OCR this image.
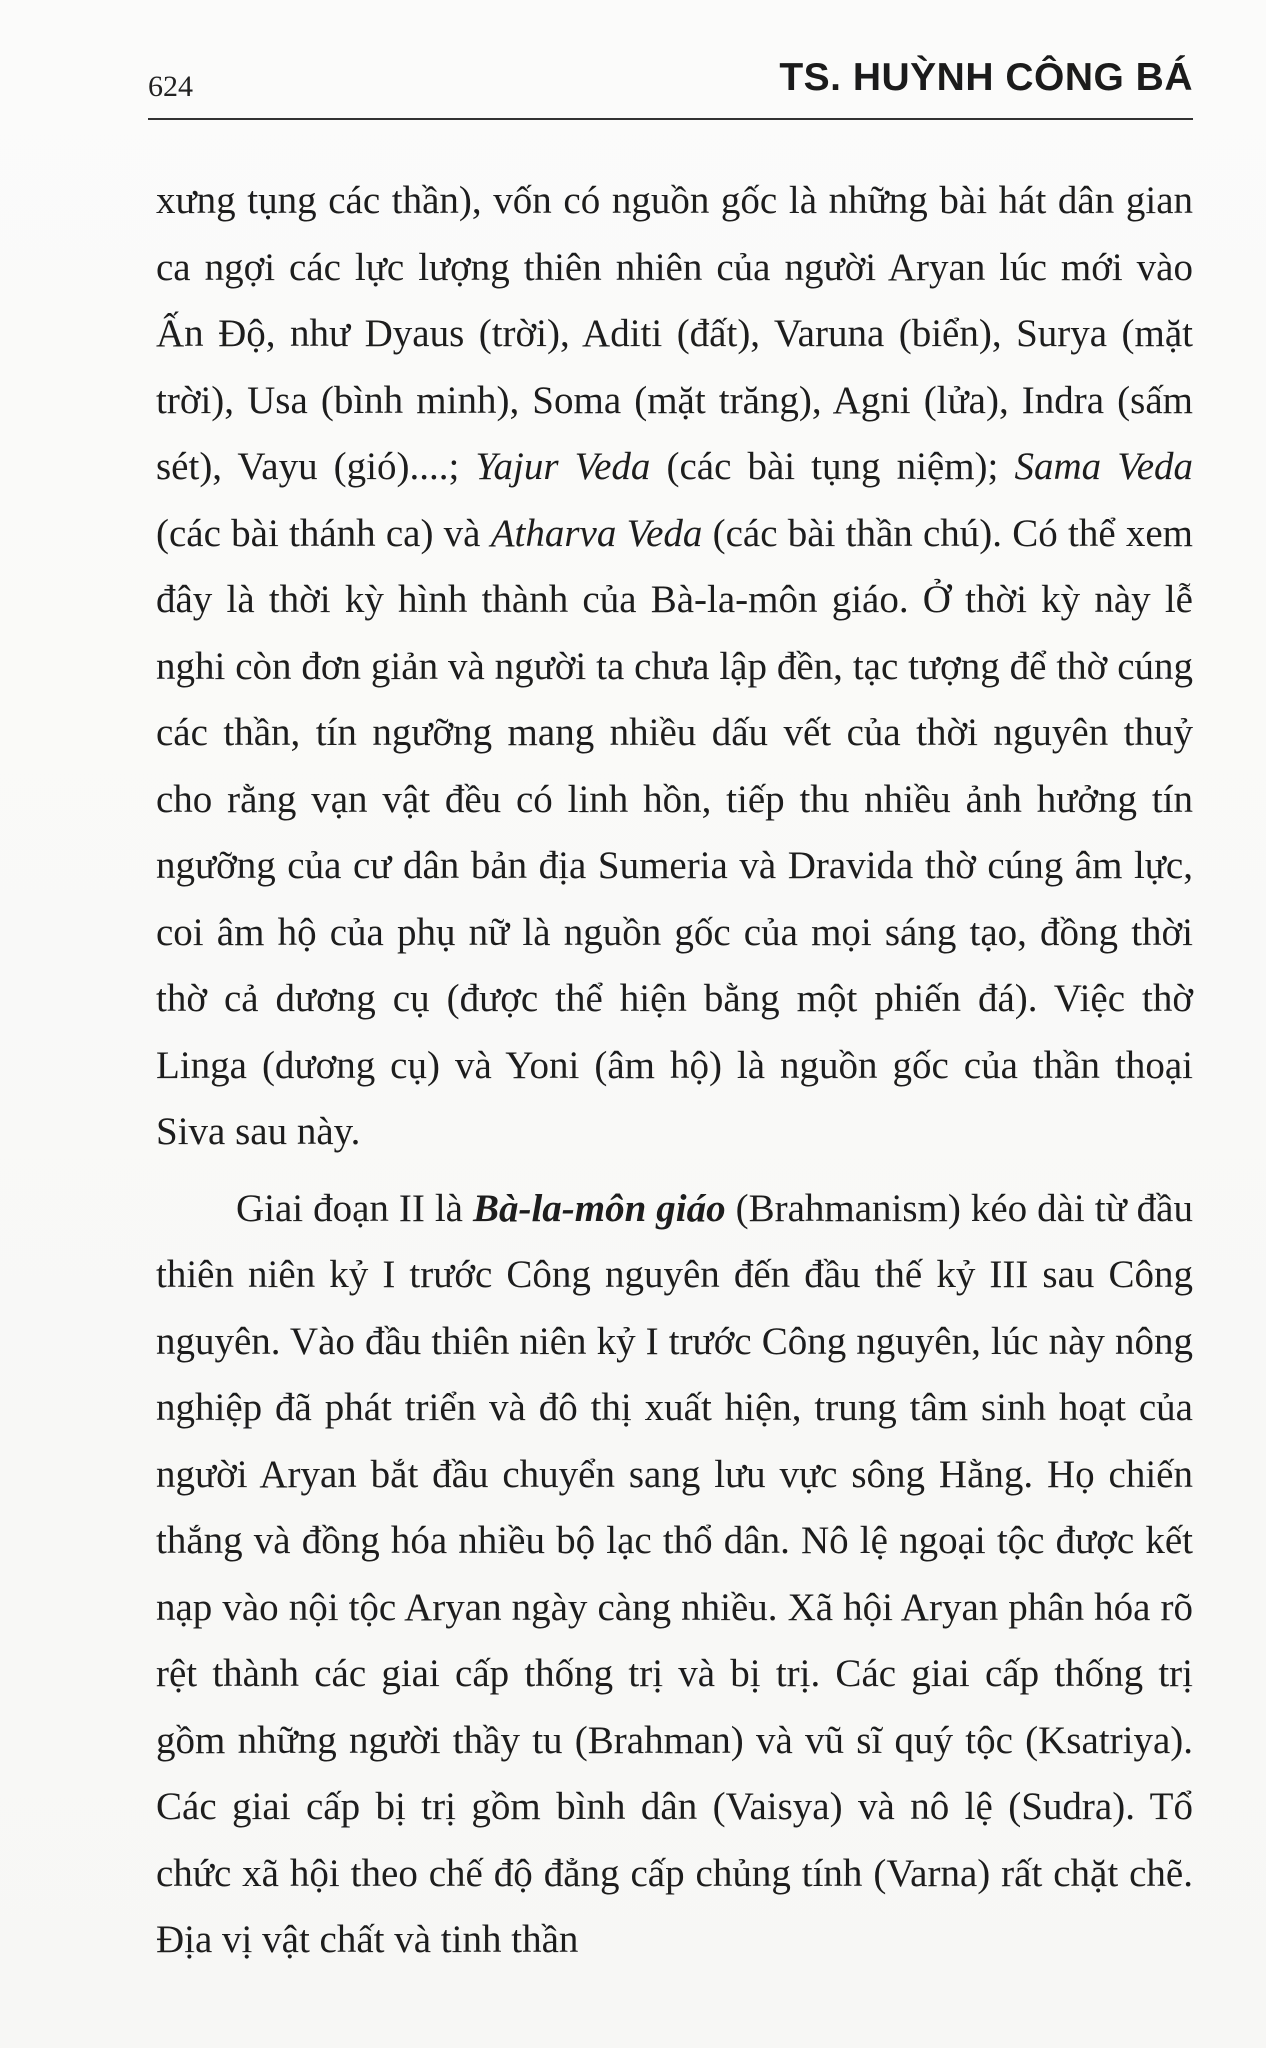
624	TS. HUỲNH CÔNG BÁ

xưng tụng các thần), vốn có nguồn gốc là những bài hát dân gian ca ngợi các lực lượng thiên nhiên của người Aryan lúc mới vào Ấn Độ, như Dyaus (trời), Aditi (đất), Varuna (biển), Surya (mặt trời), Usa (bình minh), Soma (mặt trăng), Agni (lửa), Indra (sấm sét), Vayu (gió)....; Yajur Veda (các bài tụng niệm); Sama Veda (các bài thánh ca) và Atharva Veda (các bài thần chú). Có thể xem đây là thời kỳ hình thành của Bà-la-môn giáo. Ở thời kỳ này lễ nghi còn đơn giản và người ta chưa lập đền, tạc tượng để thờ cúng các thần, tín ngưỡng mang nhiều dấu vết của thời nguyên thuỷ cho rằng vạn vật đều có linh hồn, tiếp thu nhiều ảnh hưởng tín ngưỡng của cư dân bản địa Sumeria và Dravida thờ cúng âm lực, coi âm hộ của phụ nữ là nguồn gốc của mọi sáng tạo, đồng thời thờ cả dương cụ (được thể hiện bằng một phiến đá). Việc thờ Linga (dương cụ) và Yoni (âm hộ) là nguồn gốc của thần thoại Siva sau này.

Giai đoạn II là Bà-la-môn giáo (Brahmanism) kéo dài từ đầu thiên niên kỷ I trước Công nguyên đến đầu thế kỷ III sau Công nguyên. Vào đầu thiên niên kỷ I trước Công nguyên, lúc này nông nghiệp đã phát triển và đô thị xuất hiện, trung tâm sinh hoạt của người Aryan bắt đầu chuyển sang lưu vực sông Hằng. Họ chiến thắng và đồng hóa nhiều bộ lạc thổ dân. Nô lệ ngoại tộc được kết nạp vào nội tộc Aryan ngày càng nhiều. Xã hội Aryan phân hóa rõ rệt thành các giai cấp thống trị và bị trị. Các giai cấp thống trị gồm những người thầy tu (Brahman) và vũ sĩ quý tộc (Ksatriya). Các giai cấp bị trị gồm bình dân (Vaisya) và nô lệ (Sudra). Tổ chức xã hội theo chế độ đẳng cấp chủng tính (Varna) rất chặt chẽ. Địa vị vật chất và tinh thần
